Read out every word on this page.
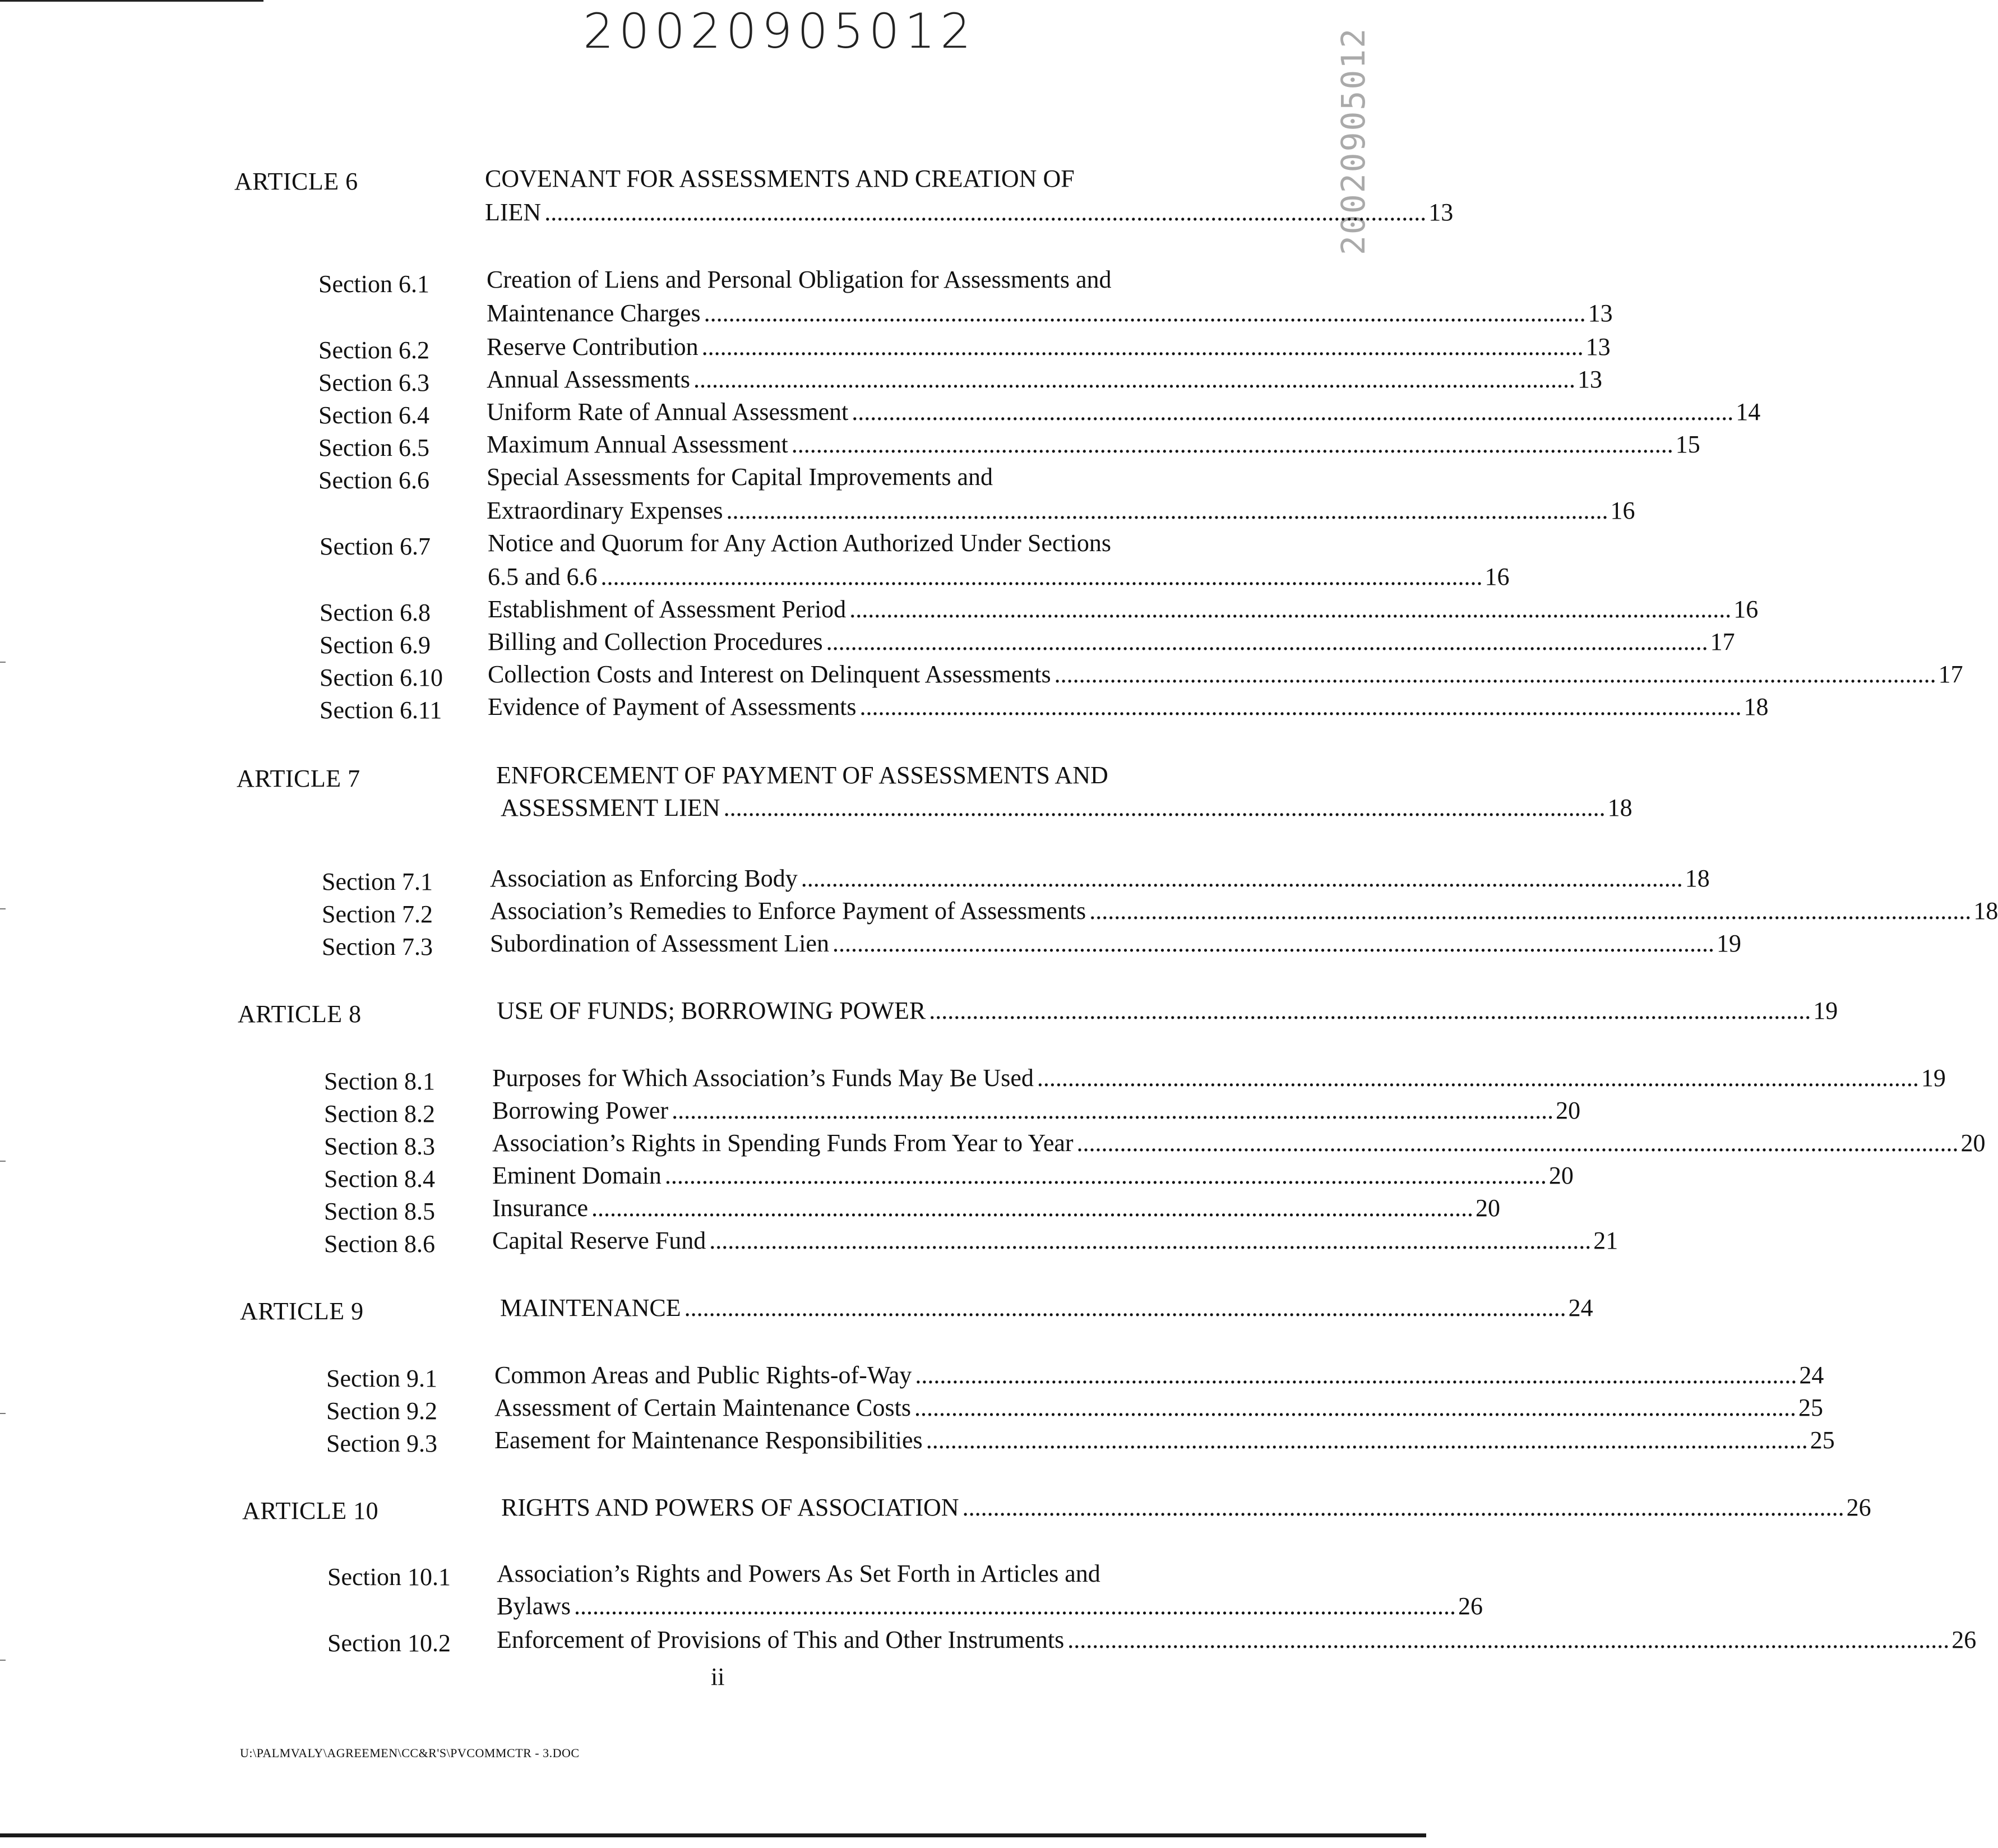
20020905012	20020905012
ARTICLE 6	COVENANT FOR ASSESSMENTS AND CREATION OF
LIEN ............................................................................................................................................... 13
Section 6.1 Creation of Liens and Personal Obligation for Assessments and
Maintenance Charges ............................................................................................................................................... 13
Section 6.2 Reserve Contribution ............................................................................................................................................... 13
Section 6.3 Annual Assessments ............................................................................................................................................... 13
Section 6.4 Uniform Rate of Annual Assessment ............................................................................................................................................... 14
Section 6.5 Maximum Annual Assessment ............................................................................................................................................... 15
Section 6.6 Special Assessments for Capital Improvements and
Extraordinary Expenses ............................................................................................................................................... 16
Section 6.7 Notice and Quorum for Any Action Authorized Under Sections
6.5 and 6.6 ............................................................................................................................................... 16
Section 6.8 Establishment of Assessment Period ............................................................................................................................................... 16
Section 6.9 Billing and Collection Procedures ............................................................................................................................................... 17
Section 6.10 Collection Costs and Interest on Delinquent Assessments ............................................................................................................................................... 17
Section 6.11 Evidence of Payment of Assessments ............................................................................................................................................... 18
ARTICLE 7	ENFORCEMENT OF PAYMENT OF ASSESSMENTS AND
ASSESSMENT LIEN ............................................................................................................................................... 18
Section 7.1 Association as Enforcing Body ............................................................................................................................................... 18
Section 7.2 Association’s Remedies to Enforce Payment of Assessments ............................................................................................................................................... 18
Section 7.3 Subordination of Assessment Lien ............................................................................................................................................... 19
ARTICLE 8	USE OF FUNDS; BORROWING POWER ............................................................................................................................................... 19
Section 8.1 Purposes for Which Association’s Funds May Be Used ............................................................................................................................................... 19
Section 8.2 Borrowing Power ............................................................................................................................................... 20
Section 8.3 Association’s Rights in Spending Funds From Year to Year ............................................................................................................................................... 20
Section 8.4 Eminent Domain ............................................................................................................................................... 20
Section 8.5 Insurance ............................................................................................................................................... 20
Section 8.6 Capital Reserve Fund ............................................................................................................................................... 21
ARTICLE 9	MAINTENANCE ............................................................................................................................................... 24
Section 9.1 Common Areas and Public Rights-of-Way ............................................................................................................................................... 24
Section 9.2 Assessment of Certain Maintenance Costs ............................................................................................................................................... 25
Section 9.3 Easement for Maintenance Responsibilities ............................................................................................................................................... 25
ARTICLE 10	RIGHTS AND POWERS OF ASSOCIATION ............................................................................................................................................... 26
Section 10.1 Association’s Rights and Powers As Set Forth in Articles and
Bylaws ............................................................................................................................................... 26
Section 10.2 Enforcement of Provisions of This and Other Instruments ............................................................................................................................................... 26
ii
U:\PALMVALY\AGREEMEN\CC&R'S\PVCOMMCTR - 3.DOC
